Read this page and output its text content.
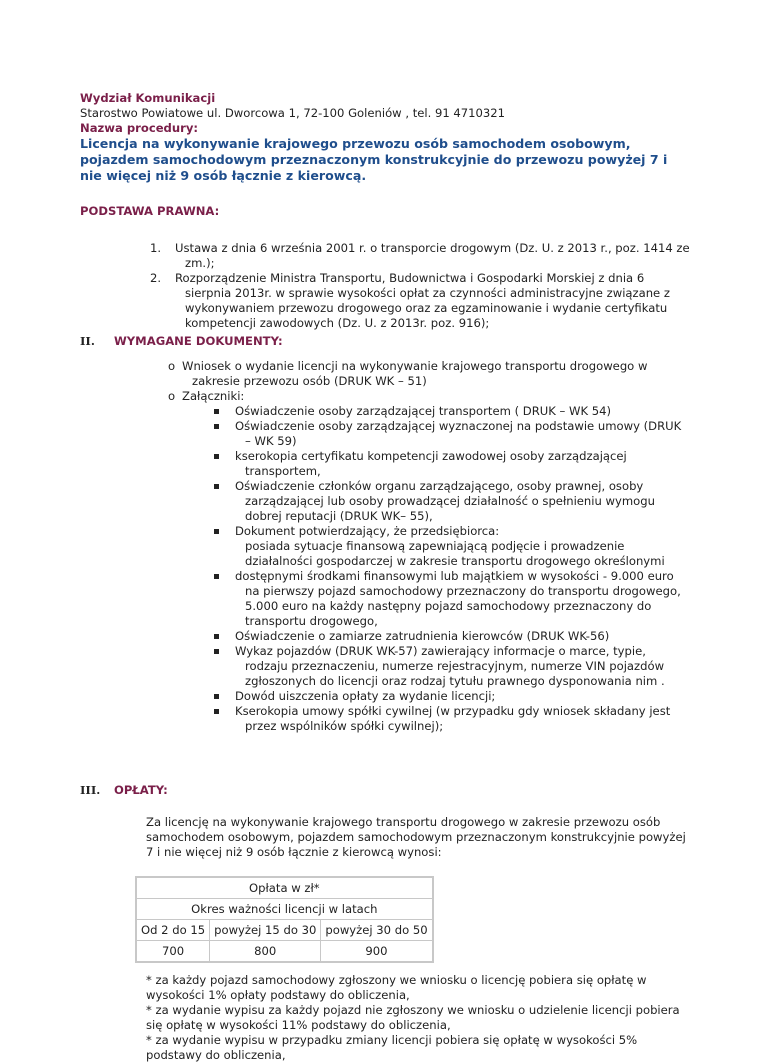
Wydział Komunikacji
Starostwo Powiatowe ul. Dworcowa 1, 72-100 Goleniów , tel. 91 4710321
Nazwa procedury:
Licencja na wykonywanie krajowego przewozu osób samochodem osobowym, pojazdem samochodowym przeznaczonym konstrukcyjnie do przewozu powyżej 7 i nie więcej niż 9 osób łącznie z kierowcą.
PODSTAWA PRAWNA:
1. Ustawa z dnia 6 września 2001 r. o transporcie drogowym (Dz. U. z 2013 r., poz. 1414 ze zm.);
2. Rozporządzenie Ministra Transportu, Budownictwa i Gospodarki Morskiej z dnia 6 sierpnia 2013r. w sprawie wysokości opłat za czynności administracyjne związane z wykonywaniem przewozu drogowego oraz za egzaminowanie i wydanie certyfikatu kompetencji zawodowych (Dz. U. z 2013r. poz. 916);
II. WYMAGANE DOKUMENTY:
o Wniosek o wydanie licencji na wykonywanie krajowego transportu drogowego w zakresie przewozu osób (DRUK WK – 51)
o Załączniki:
Oświadczenie osoby zarządzającej transportem ( DRUK – WK 54)
Oświadczenie osoby zarządzającej wyznaczonej na podstawie umowy (DRUK – WK 59)
kserokopia certyfikatu kompetencji zawodowej osoby zarządzającej transportem,
Oświadczenie członków organu zarządzającego, osoby prawnej, osoby zarządzającej lub osoby prowadzącej działalność o spełnieniu wymogu dobrej reputacji (DRUK WK– 55),
Dokument potwierdzający, że przedsiębiorca:
posiada sytuacje finansową zapewniającą podjęcie i prowadzenie działalności gospodarczej w zakresie transportu drogowego określonymi
dostępnymi środkami finansowymi lub majątkiem w wysokości - 9.000 euro na pierwszy pojazd samochodowy przeznaczony do transportu drogowego, 5.000 euro na każdy następny pojazd samochodowy przeznaczony do transportu drogowego,
Oświadczenie o zamiarze zatrudnienia kierowców (DRUK WK-56)
Wykaz pojazdów (DRUK WK-57) zawierający informacje o marce, typie, rodzaju przeznaczeniu, numerze rejestracyjnym, numerze VIN pojazdów zgłoszonych do licencji oraz rodzaj tytułu prawnego dysponowania nim .
Dowód uiszczenia opłaty za wydanie licencji;
Kserokopia umowy spółki cywilnej (w przypadku gdy wniosek składany jest przez wspólników spółki cywilnej);
III. OPŁATY:
Za licencję na wykonywanie krajowego transportu drogowego w zakresie przewozu osób samochodem osobowym, pojazdem samochodowym przeznaczonym konstrukcyjnie powyżej 7 i nie więcej niż 9 osób łącznie z kierowcą wynosi:
Opłata w zł*		
Okres ważności licencji w latach		
Od 2 do 15	powyżej 15 do 30	powyżej 30 do 50
700	800	900
* za każdy pojazd samochodowy zgłoszony we wniosku o licencję pobiera się opłatę w wysokości 1% opłaty podstawy do obliczenia,
* za wydanie wypisu za każdy pojazd nie zgłoszony we wniosku o udzielenie licencji pobiera się opłatę w wysokości 11% podstawy do obliczenia,
* za wydanie wypisu w przypadku zmiany licencji pobiera się opłatę w wysokości 5% podstawy do obliczenia,
